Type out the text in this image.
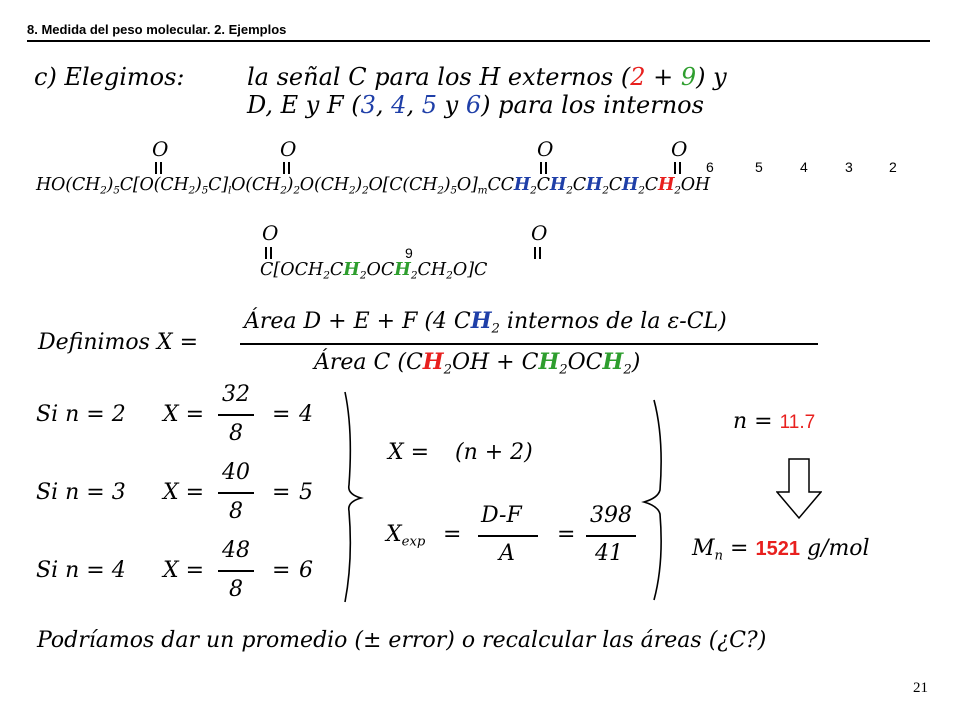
8. Medida del peso molecular. 2. Ejemplos
c) Elegimos:	la señal C para los H externos (2 + 9) y
D, E y F (3, 4, 5 y 6) para los internos
O	O	O	O
6	5	4	3	2
$HO(CH_2)_5C[O(CH_2)_5C]_lO(CH_2)_2O(CH_2)_2O[C(CH_2)_5O]_mCCH_2CH_2CH_2CH_2CH_2OH$
O	O
9
$C[OCH_2CH_2OCH_2CH_2O]C$
Definimos X =
Área D + E + F (4 $CH_2$ internos de la ε-CL)
Área C $(CH_2OH + CH_2OCH_2)$
Si n = 2 X =
32
8
= 4
Si n = 3 X =
40
8
= 5
Si n = 4 X =
48
8
= 6
X = (n + 2)
$X_{exp}$ =
D-F
A
=
398
41
n = 11.7
$M_n = 1521$ g/mol
Podríamos dar un promedio (± error) o recalcular las áreas (¿C?)
21
